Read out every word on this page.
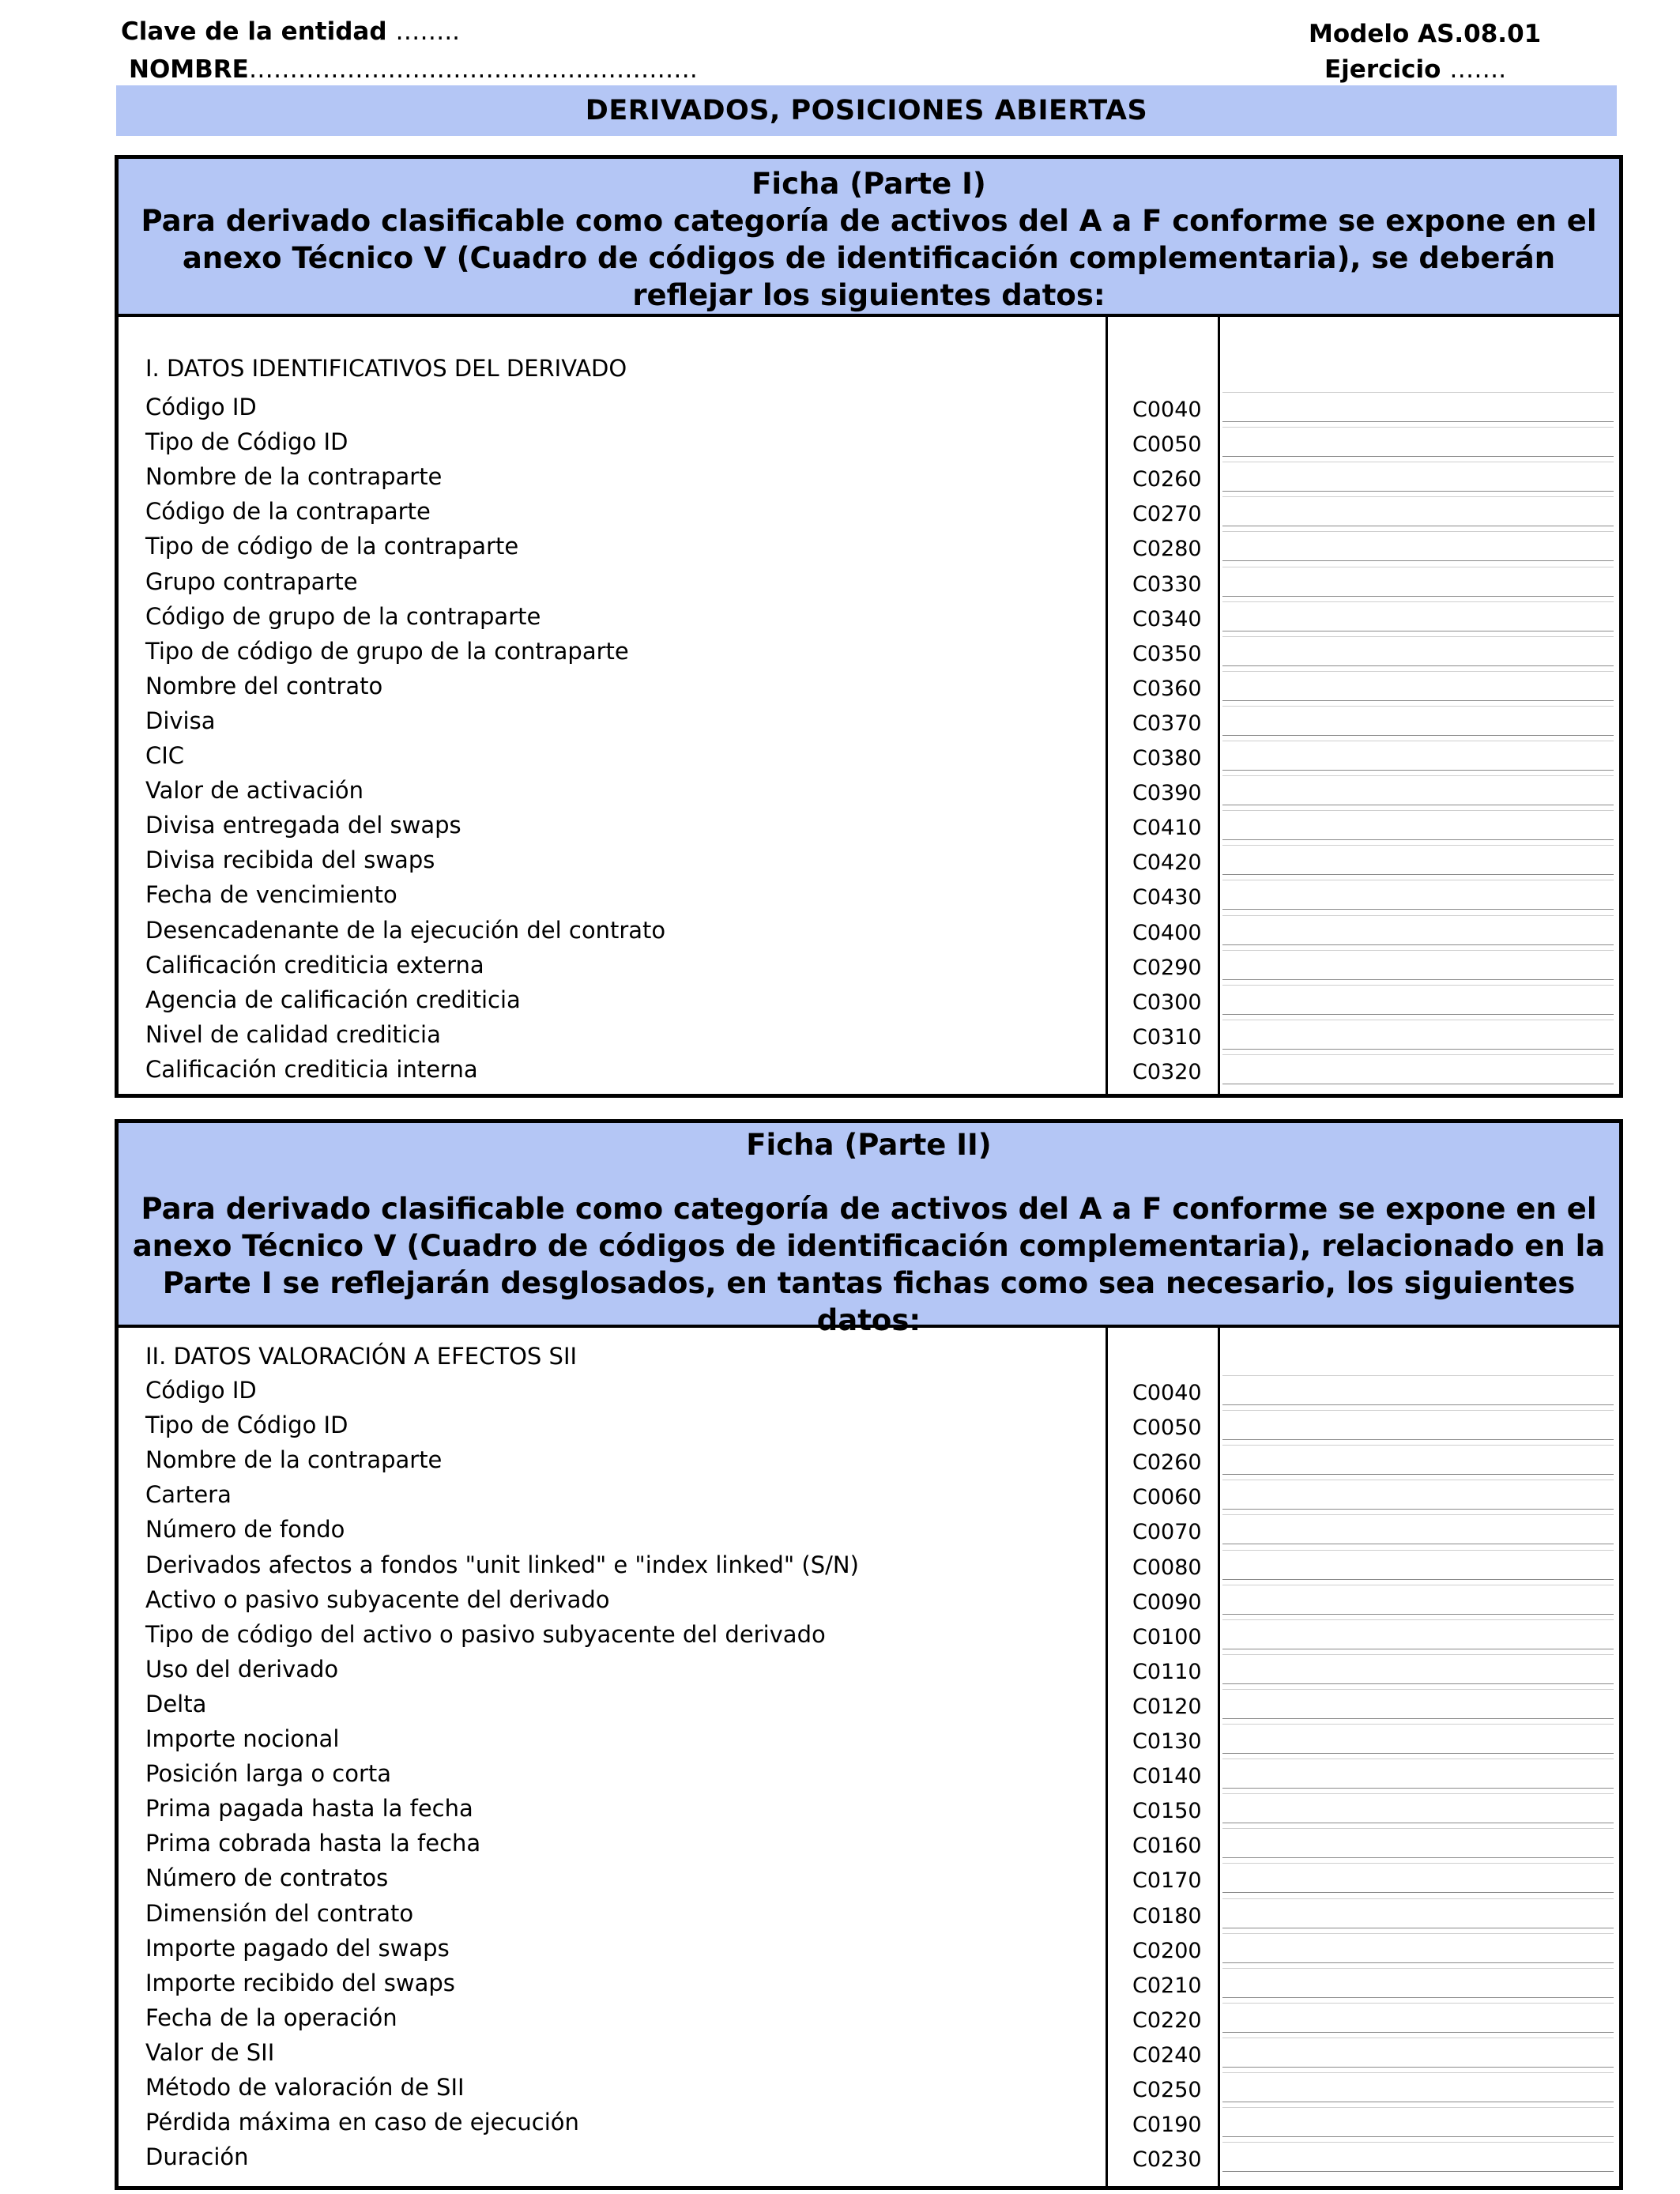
Clave de la entidad ……..
NOMBRE……………………………………………….
Modelo AS.08.01
Ejercicio …….
DERIVADOS, POSICIONES ABIERTAS
Ficha (Parte I)
Para derivado clasificable como categoría de activos del A a F conforme se expone en el anexo Técnico V (Cuadro de códigos de identificación complementaria), se deberán reflejar los siguientes datos:
I. DATOS IDENTIFICATIVOS DEL DERIVADO
Código ID	C0040
Tipo de Código ID	C0050
Nombre de la contraparte	C0260
Código de la contraparte	C0270
Tipo de código de la contraparte	C0280
Grupo contraparte	C0330
Código de grupo de la contraparte	C0340
Tipo de código de grupo de la contraparte	C0350
Nombre del contrato	C0360
Divisa	C0370
CIC	C0380
Valor de activación	C0390
Divisa entregada del swaps	C0410
Divisa recibida del swaps	C0420
Fecha de vencimiento	C0430
Desencadenante de la ejecución del contrato	C0400
Calificación crediticia externa	C0290
Agencia de calificación crediticia	C0300
Nivel de calidad crediticia	C0310
Calificación crediticia interna	C0320
Ficha (Parte II)
Para derivado clasificable como categoría de activos del A a F conforme se expone en el anexo Técnico V (Cuadro de códigos de identificación complementaria), relacionado en la Parte I se reflejarán desglosados, en tantas fichas como sea necesario, los siguientes datos:
II. DATOS VALORACIÓN A EFECTOS SII
Código ID	C0040
Tipo de Código ID	C0050
Nombre de la contraparte	C0260
Cartera	C0060
Número de fondo	C0070
Derivados afectos a fondos "unit linked" e "index linked" (S/N)	C0080
Activo o pasivo subyacente del derivado	C0090
Tipo de código del activo o pasivo subyacente del derivado	C0100
Uso del derivado	C0110
Delta	C0120
Importe nocional	C0130
Posición larga o corta	C0140
Prima pagada hasta la fecha	C0150
Prima cobrada hasta la fecha	C0160
Número de contratos	C0170
Dimensión del contrato	C0180
Importe pagado del swaps	C0200
Importe recibido del swaps	C0210
Fecha de la operación	C0220
Valor de SII	C0240
Método de valoración de SII	C0250
Pérdida máxima en caso de ejecución	C0190
Duración	C0230
